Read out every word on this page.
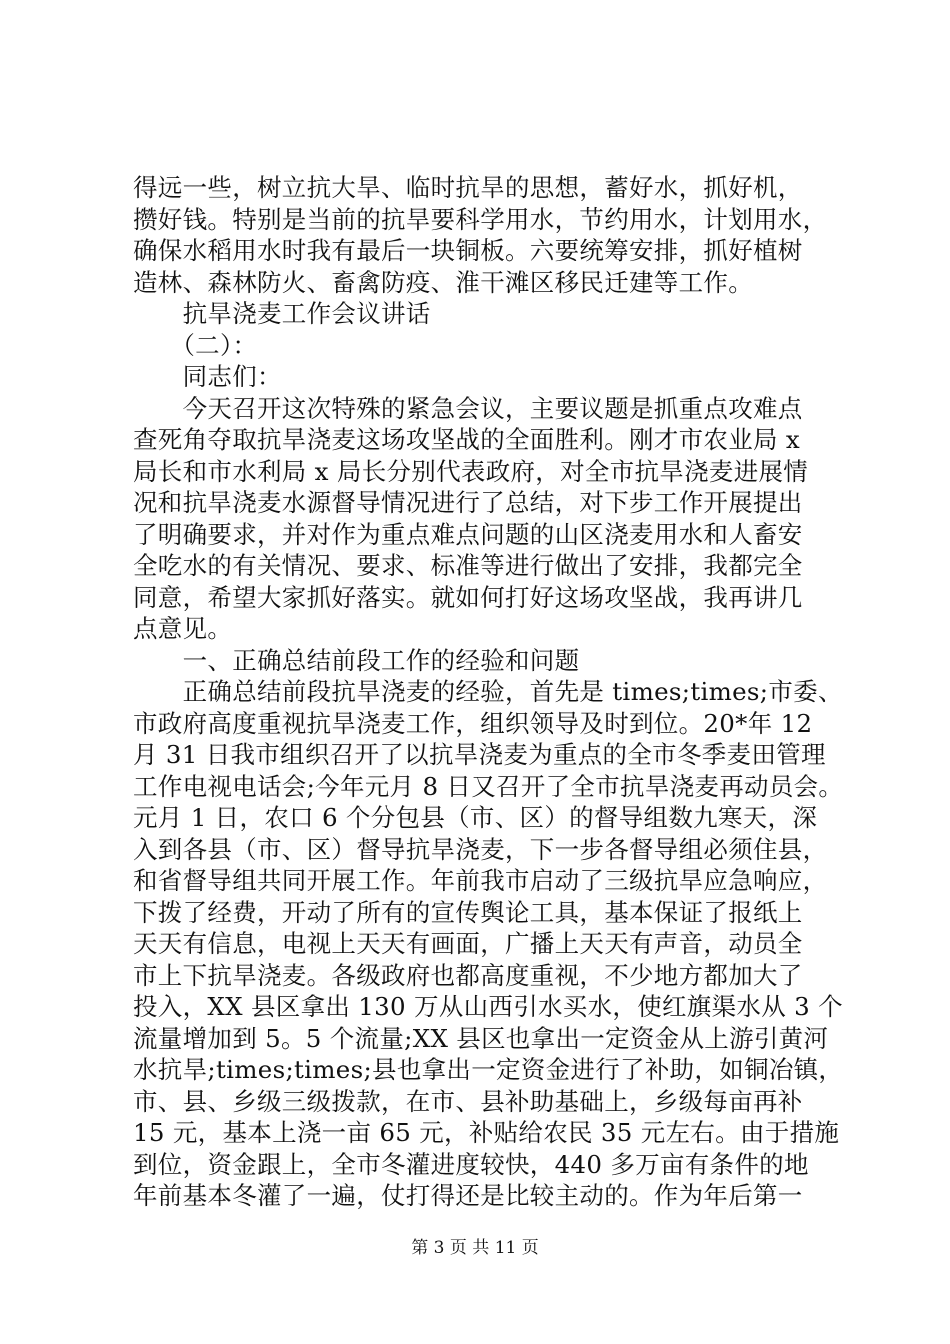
得远一些，树立抗大旱、临时抗旱的思想，蓄好水，抓好机，
攒好钱。特别是当前的抗旱要科学用水，节约用水，计划用水，
确保水稻用水时我有最后一块铜板。六要统筹安排，抓好植树
造林、森林防火、畜禽防疫、淮干滩区移民迁建等工作。
　　抗旱浇麦工作会议讲话
　　（二）：
　　同志们：
　　今天召开这次特殊的紧急会议，主要议题是抓重点攻难点
查死角夺取抗旱浇麦这场攻坚战的全面胜利。刚才市农业局 x
局长和市水利局 x 局长分别代表政府，对全市抗旱浇麦进展情
况和抗旱浇麦水源督导情况进行了总结，对下步工作开展提出
了明确要求，并对作为重点难点问题的山区浇麦用水和人畜安
全吃水的有关情况、要求、标准等进行做出了安排，我都完全
同意，希望大家抓好落实。就如何打好这场攻坚战，我再讲几
点意见。
　　一、正确总结前段工作的经验和问题
　　正确总结前段抗旱浇麦的经验，首先是 times;times;市委、
市政府高度重视抗旱浇麦工作，组织领导及时到位。20*年 12
月 31 日我市组织召开了以抗旱浇麦为重点的全市冬季麦田管理
工作电视电话会;今年元月 8 日又召开了全市抗旱浇麦再动员会。
元月 1 日，农口 6 个分包县（市、区）的督导组数九寒天，深
入到各县（市、区）督导抗旱浇麦，下一步各督导组必须住县，
和省督导组共同开展工作。年前我市启动了三级抗旱应急响应，
下拨了经费，开动了所有的宣传舆论工具，基本保证了报纸上
天天有信息，电视上天天有画面，广播上天天有声音，动员全
市上下抗旱浇麦。各级政府也都高度重视，不少地方都加大了
投入，XX 县区拿出 130 万从山西引水买水，使红旗渠水从 3 个
流量增加到 5。5 个流量;XX 县区也拿出一定资金从上游引黄河
水抗旱;times;times;县也拿出一定资金进行了补助，如铜冶镇，
市、县、乡级三级拨款，在市、县补助基础上，乡级每亩再补
15 元，基本上浇一亩 65 元，补贴给农民 35 元左右。由于措施
到位，资金跟上，全市冬灌进度较快，440 多万亩有条件的地
年前基本冬灌了一遍，仗打得还是比较主动的。作为年后第一
第 3 页 共 11 页
